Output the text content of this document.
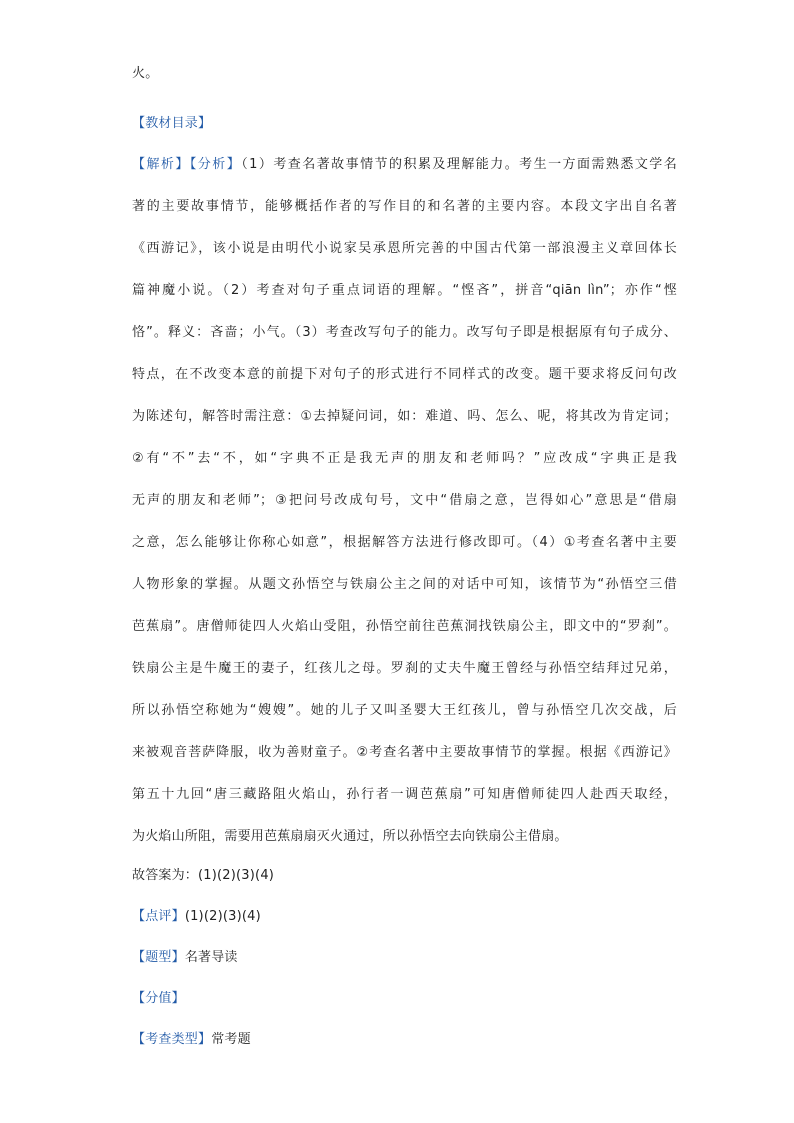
火。
【教材目录】
【解析】【分析】（1）考查名著故事情节的积累及理解能力。考生一方面需熟悉文学名
著的主要故事情节，能够概括作者的写作目的和名著的主要内容。本段文字出自名著
《西游记》，该小说是由明代小说家吴承恩所完善的中国古代第一部浪漫主义章回体长
篇神魔小说。（2）考查对句子重点词语的理解。“悭吝”，拼音“qiān lìn”；亦作“悭
恪”。释义：吝啬；小气。（3）考查改写句子的能力。改写句子即是根据原有句子成分、
特点，在不改变本意的前提下对句子的形式进行不同样式的改变。题干要求将反问句改
为陈述句，解答时需注意：①去掉疑问词，如：难道、吗、怎么、呢，将其改为肯定词；
②有“不”去“不，如“字典不正是我无声的朋友和老师吗？”应改成“字典正是我
无声的朋友和老师”；③把问号改成句号，文中“借扇之意，岂得如心”意思是“借扇
之意，怎么能够让你称心如意”，根据解答方法进行修改即可。（4）①考查名著中主要
人物形象的掌握。从题文孙悟空与铁扇公主之间的对话中可知，该情节为“孙悟空三借
芭蕉扇”。唐僧师徒四人火焰山受阻，孙悟空前往芭蕉洞找铁扇公主，即文中的“罗刹”。
铁扇公主是牛魔王的妻子，红孩儿之母。罗刹的丈夫牛魔王曾经与孙悟空结拜过兄弟，
所以孙悟空称她为“嫂嫂”。她的儿子又叫圣婴大王红孩儿，曾与孙悟空几次交战，后
来被观音菩萨降服，收为善财童子。②考查名著中主要故事情节的掌握。根据《西游记》
第五十九回“唐三藏路阻火焰山，孙行者一调芭蕉扇”可知唐僧师徒四人赴西天取经，
为火焰山所阻，需要用芭蕉扇扇灭火通过，所以孙悟空去向铁扇公主借扇。
故答案为：(1)(2)(3)(4)
【点评】(1)(2)(3)(4)
【题型】名著导读
【分值】
【考查类型】常考题
